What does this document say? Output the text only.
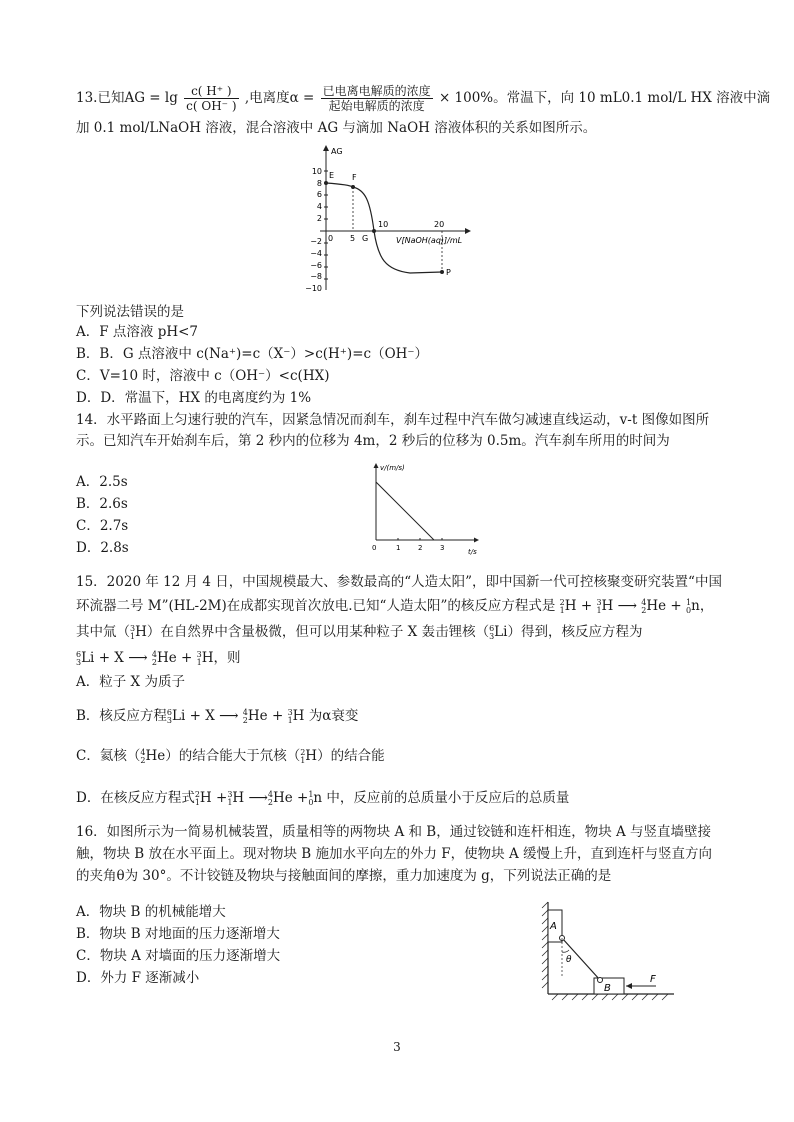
13.已知AG = $\lg \frac{c( H^+ )}{c( OH^- )}$ ,电离度$\alpha = \frac{\text{已电离电解质的浓度}}{\text{起始电解质的浓度}} \times 100\%$。常温下，向 10 mL0.1 mol/L HX 溶液中滴
加 0.1 mol/LNaOH 溶液，混合溶液中 AG 与滴加 NaOH 溶液体积的关系如图所示。
AG
10
8
6
4
2
−2
−4
−6
−8
−10
0 5
10	20
V[NaOH(aq)]/mL
E F
G
P
下列说法错误的是
A．F 点溶液 pH<7
B．B．G 点溶液中 c(Na⁺)=c（X⁻）>c(H⁺)=c（OH⁻）
C．V=10 时，溶液中 c（OH⁻）<c(HX)
D．D．常温下，HX 的电离度约为 1%
14．水平路面上匀速行驶的汽车，因紧急情况而刹车，刹车过程中汽车做匀减速直线运动，v-t 图像如图所
示。已知汽车开始刹车后，第 2 秒内的位移为 4m，2 秒后的位移为 0.5m。汽车刹车所用的时间为
A．2.5s
B．2.6s
C．2.7s
D．2.8s
v/(m/s)
t/s
0	1	2	3
15．2020 年 12 月 4 日，中国规模最大、参数最高的“人造太阳”，即中国新一代可控核聚变研究装置“中国
环流器二号 M”(HL-2M)在成都实现首次放电.已知“人造太阳”的核反应方程式是 2
1 H + 3
1 H ⟶ 4
2 He + 1
0 n，
其中氚（ 3
1 H）在自然界中含量极微，但可以用某种粒子 X 轰击锂核（ 6
3 Li）得到，核反应方程为
6
3 Li + X ⟶ 4
2 He + 3
1 H，则
A．粒子 X 为质子
B．核反应方程 6
3 Li + X ⟶ 4
2 He + 3
1 H 为α衰变
C．氦核（ 4
2 He）的结合能大于氘核（ 2
1 H）的结合能
D．在核反应方程式 2
1 H + 3
1 H ⟶ 4
2 He + 1
0 n 中，反应前的总质量小于反应后的总质量
16．如图所示为一简易机械装置，质量相等的两物块 A 和 B，通过铰链和连杆相连，物块 A 与竖直墙壁接
触，物块 B 放在水平面上。现对物块 B 施加水平向左的外力 F，使物块 A 缓慢上升，直到连杆与竖直方向
的夹角θ为 30°。不计铰链及物块与接触面间的摩擦，重力加速度为 g，下列说法正确的是
A．物块 B 的机械能增大
B．物块 B 对地面的压力逐渐增大
C．物块 A 对墙面的压力逐渐增大
D．外力 F 逐渐减小
A
B
θ
F
3
